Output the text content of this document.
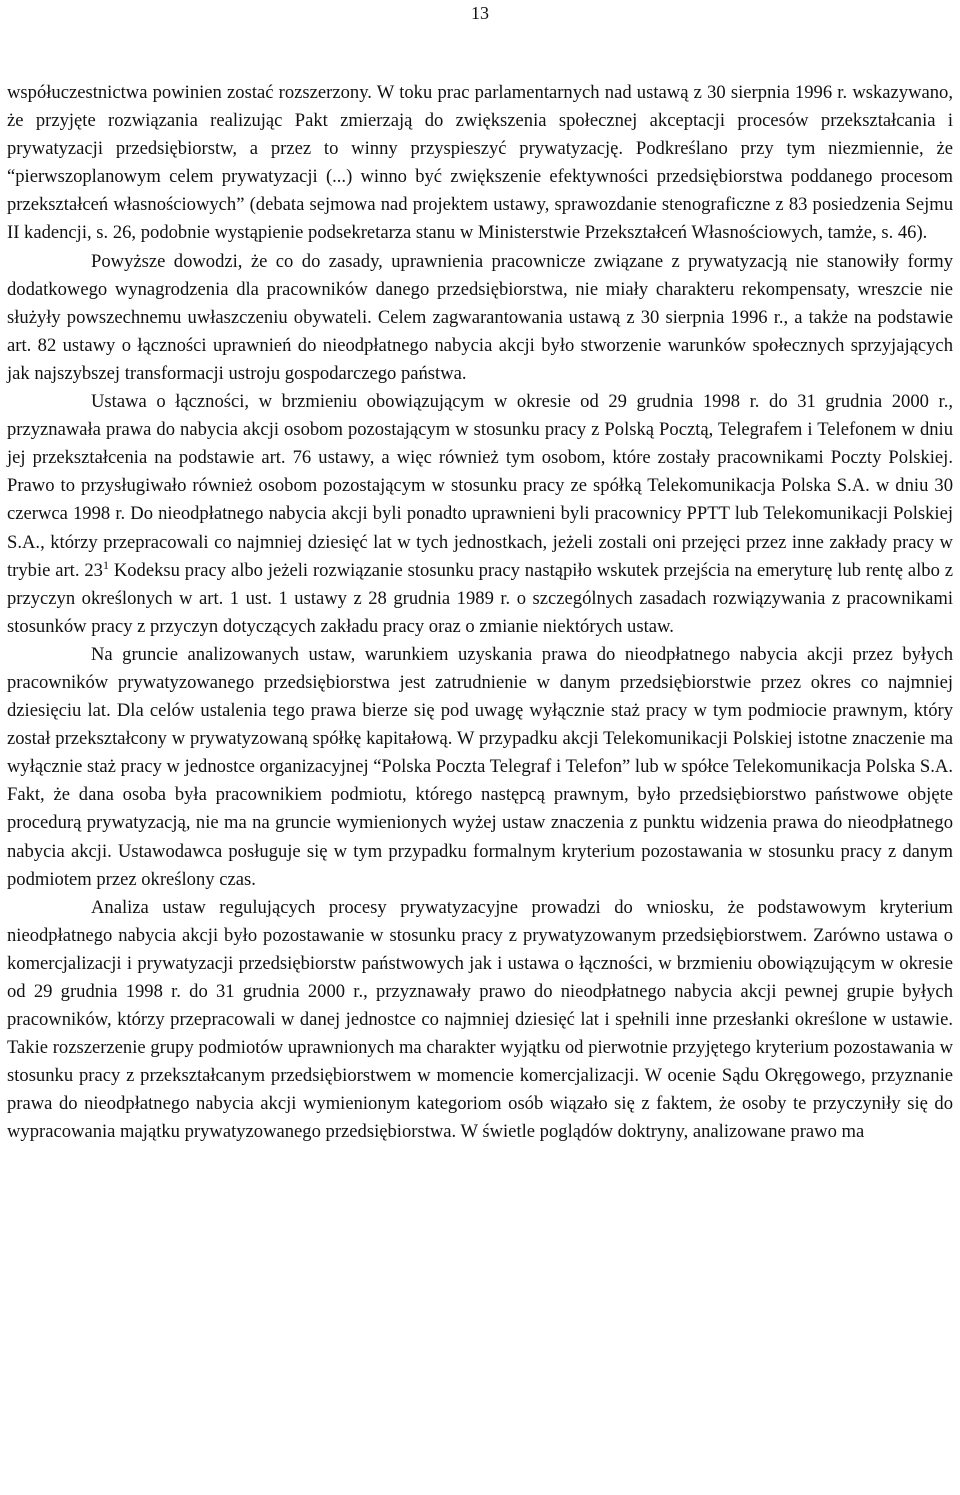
13

współuczestnictwa powinien zostać rozszerzony. W toku prac parlamentarnych nad ustawą z 30 sierpnia 1996 r. wskazywano, że przyjęte rozwiązania realizując Pakt zmierzają do zwiększenia społecznej akceptacji procesów przekształcania i prywatyzacji przedsiębiorstw, a przez to winny przyspieszyć prywatyzację. Podkreślano przy tym niezmiennie, że “pierwszoplanowym celem prywatyzacji (...) winno być zwiększenie efektywności przedsiębiorstwa poddanego procesom przekształceń własnościowych” (debata sejmowa nad projektem ustawy, sprawozdanie stenograficzne z 83 posiedzenia Sejmu II kadencji, s. 26, podobnie wystąpienie podsekretarza stanu w Ministerstwie Przekształceń Własnościowych, tamże, s. 46).

Powyższe dowodzi, że co do zasady, uprawnienia pracownicze związane z prywatyzacją nie stanowiły formy dodatkowego wynagrodzenia dla pracowników danego przedsiębiorstwa, nie miały charakteru rekompensaty, wreszcie nie służyły powszechnemu uwłaszczeniu obywateli. Celem zagwarantowania ustawą z 30 sierpnia 1996 r., a także na podstawie art. 82 ustawy o łączności uprawnień do nieodpłatnego nabycia akcji było stworzenie warunków społecznych sprzyjających jak najszybszej transformacji ustroju gospodarczego państwa.

Ustawa o łączności, w brzmieniu obowiązującym w okresie od 29 grudnia 1998 r. do 31 grudnia 2000 r., przyznawała prawa do nabycia akcji osobom pozostającym w stosunku pracy z Polską Pocztą, Telegrafem i Telefonem w dniu jej przekształcenia na podstawie art. 76 ustawy, a więc również tym osobom, które zostały pracownikami Poczty Polskiej. Prawo to przysługiwało również osobom pozostającym w stosunku pracy ze spółką Telekomunikacja Polska S.A. w dniu 30 czerwca 1998 r. Do nieodpłatnego nabycia akcji byli ponadto uprawnieni byli pracownicy PPTT lub Telekomunikacji Polskiej S.A., którzy przepracowali co najmniej dziesięć lat w tych jednostkach, jeżeli zostali oni przejęci przez inne zakłady pracy w trybie art. $23^1$ Kodeksu pracy albo jeżeli rozwiązanie stosunku pracy nastąpiło wskutek przejścia na emeryturę lub rentę albo z przyczyn określonych w art. 1 ust. 1 ustawy z 28 grudnia 1989 r. o szczególnych zasadach rozwiązywania z pracownikami stosunków pracy z przyczyn dotyczących zakładu pracy oraz o zmianie niektórych ustaw.

Na gruncie analizowanych ustaw, warunkiem uzyskania prawa do nieodpłatnego nabycia akcji przez byłych pracowników prywatyzowanego przedsiębiorstwa jest zatrudnienie w danym przedsiębiorstwie przez okres co najmniej dziesięciu lat. Dla celów ustalenia tego prawa bierze się pod uwagę wyłącznie staż pracy w tym podmiocie prawnym, który został przekształcony w prywatyzowaną spółkę kapitałową. W przypadku akcji Telekomunikacji Polskiej istotne znaczenie ma wyłącznie staż pracy w jednostce organizacyjnej “Polska Poczta Telegraf i Telefon” lub w spółce Telekomunikacja Polska S.A. Fakt, że dana osoba była pracownikiem podmiotu, którego następcą prawnym, było przedsiębiorstwo państwowe objęte procedurą prywatyzacją, nie ma na gruncie wymienionych wyżej ustaw znaczenia z punktu widzenia prawa do nieodpłatnego nabycia akcji. Ustawodawca posługuje się w tym przypadku formalnym kryterium pozostawania w stosunku pracy z danym podmiotem przez określony czas.

Analiza ustaw regulujących procesy prywatyzacyjne prowadzi do wniosku, że podstawowym kryterium nieodpłatnego nabycia akcji było pozostawanie w stosunku pracy z prywatyzowanym przedsiębiorstwem. Zarówno ustawa o komercjalizacji i prywatyzacji przedsiębiorstw państwowych jak i ustawa o łączności, w brzmieniu obowiązującym w okresie od 29 grudnia 1998 r. do 31 grudnia 2000 r., przyznawały prawo do nieodpłatnego nabycia akcji pewnej grupie byłych pracowników, którzy przepracowali w danej jednostce co najmniej dziesięć lat i spełnili inne przesłanki określone w ustawie. Takie rozszerzenie grupy podmiotów uprawnionych ma charakter wyjątku od pierwotnie przyjętego kryterium pozostawania w stosunku pracy z przekształcanym przedsiębiorstwem w momencie komercjalizacji. W ocenie Sądu Okręgowego, przyznanie prawa do nieodpłatnego nabycia akcji wymienionym kategoriom osób wiązało się z faktem, że osoby te przyczyniły się do wypracowania majątku prywatyzowanego przedsiębiorstwa. W świetle poglądów doktryny, analizowane prawo ma
